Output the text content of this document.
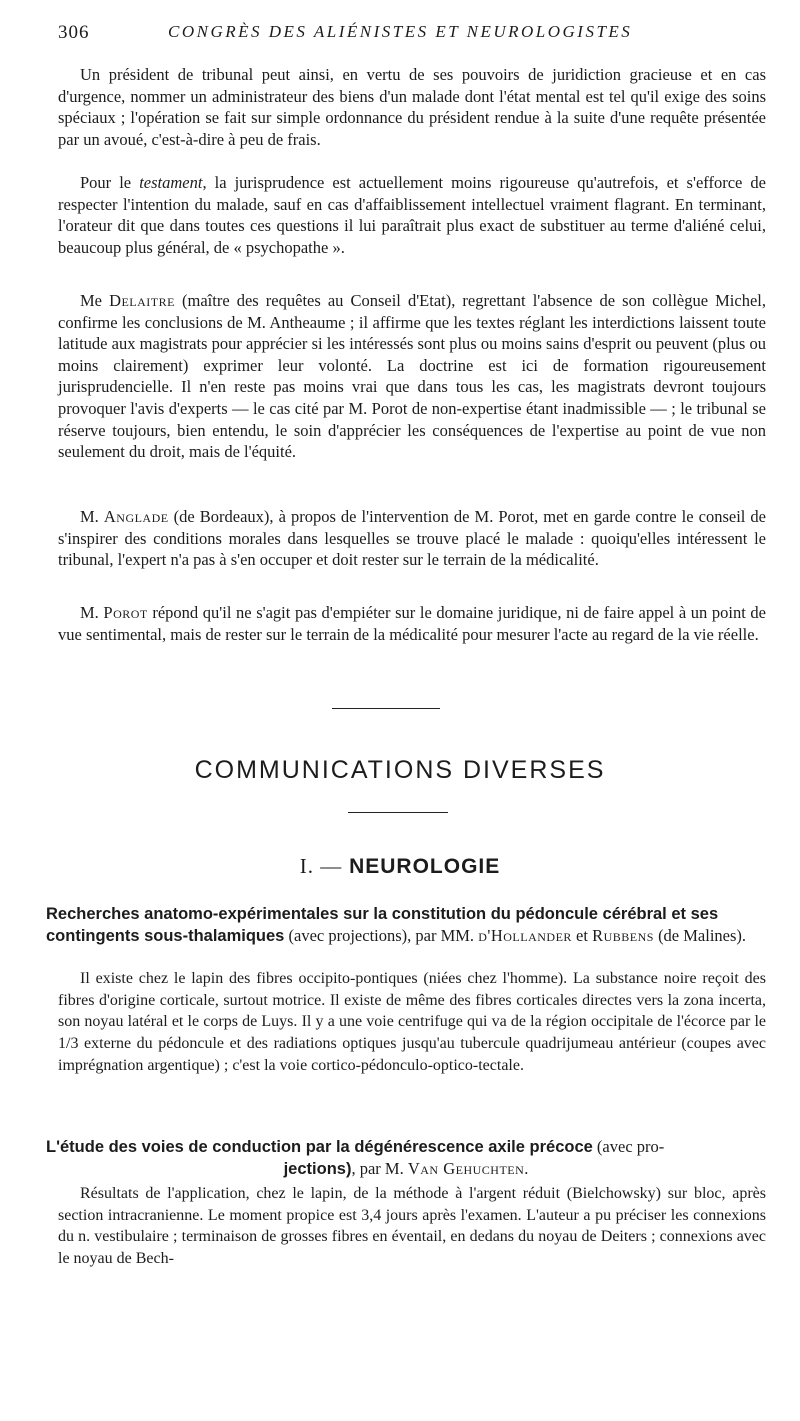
306	CONGRÈS DES ALIÉNISTES ET NEUROLOGISTES

Un président de tribunal peut ainsi, en vertu de ses pouvoirs de juridiction gracieuse et en cas d'urgence, nommer un administrateur des biens d'un malade dont l'état mental est tel qu'il exige des soins spéciaux ; l'opération se fait sur simple ordonnance du président rendue à la suite d'une requête présentée par un avoué, c'est-à-dire à peu de frais.

Pour le testament, la jurisprudence est actuellement moins rigoureuse qu'autrefois, et s'efforce de respecter l'intention du malade, sauf en cas d'affaiblissement intellectuel vraiment flagrant. En terminant, l'orateur dit que dans toutes ces questions il lui paraîtrait plus exact de substituer au terme d'aliéné celui, beaucoup plus général, de « psychopathe ».

Me Delaitre (maître des requêtes au Conseil d'Etat), regrettant l'absence de son collègue Michel, confirme les conclusions de M. Antheaume ; il affirme que les textes réglant les interdictions laissent toute latitude aux magistrats pour apprécier si les intéressés sont plus ou moins sains d'esprit ou peuvent (plus ou moins clairement) exprimer leur volonté. La doctrine est ici de formation rigoureusement jurisprudencielle. Il n'en reste pas moins vrai que dans tous les cas, les magistrats devront toujours provoquer l'avis d'experts — le cas cité par M. Porot de non-expertise étant inadmissible — ; le tribunal se réserve toujours, bien entendu, le soin d'apprécier les conséquences de l'expertise au point de vue non seulement du droit, mais de l'équité.

M. Anglade (de Bordeaux), à propos de l'intervention de M. Porot, met en garde contre le conseil de s'inspirer des conditions morales dans lesquelles se trouve placé le malade : quoiqu'elles intéressent le tribunal, l'expert n'a pas à s'en occuper et doit rester sur le terrain de la médicalité.

M. Porot répond qu'il ne s'agit pas d'empiéter sur le domaine juridique, ni de faire appel à un point de vue sentimental, mais de rester sur le terrain de la médicalité pour mesurer l'acte au regard de la vie réelle.

COMMUNICATIONS DIVERSES
I. — NEUROLOGIE

Recherches anatomo-expérimentales sur la constitution du pédoncule cérébral et ses contingents sous-thalamiques (avec projections), par MM. d'Hollander et Rubbens (de Malines).

Il existe chez le lapin des fibres occipito-pontiques (niées chez l'homme). La substance noire reçoit des fibres d'origine corticale, surtout motrice. Il existe de même des fibres corticales directes vers la zona incerta, son noyau latéral et le corps de Luys. Il y a une voie centrifuge qui va de la région occipitale de l'écorce par le 1/3 externe du pédoncule et des radiations optiques jusqu'au tubercule quadrijumeau antérieur (coupes avec imprégnation argentique) ; c'est la voie cortico-pédonculo-optico-tectale.

L'étude des voies de conduction par la dégénérescence axile précoce (avec pro-
jections), par M. Van Gehuchten.

Résultats de l'application, chez le lapin, de la méthode à l'argent réduit (Bielchowsky) sur bloc, après section intracranienne. Le moment propice est 3,4 jours après l'examen. L'auteur a pu préciser les connexions du n. vestibulaire ; terminaison de grosses fibres en éventail, en dedans du noyau de Deiters ; connexions avec le noyau de Bech-
